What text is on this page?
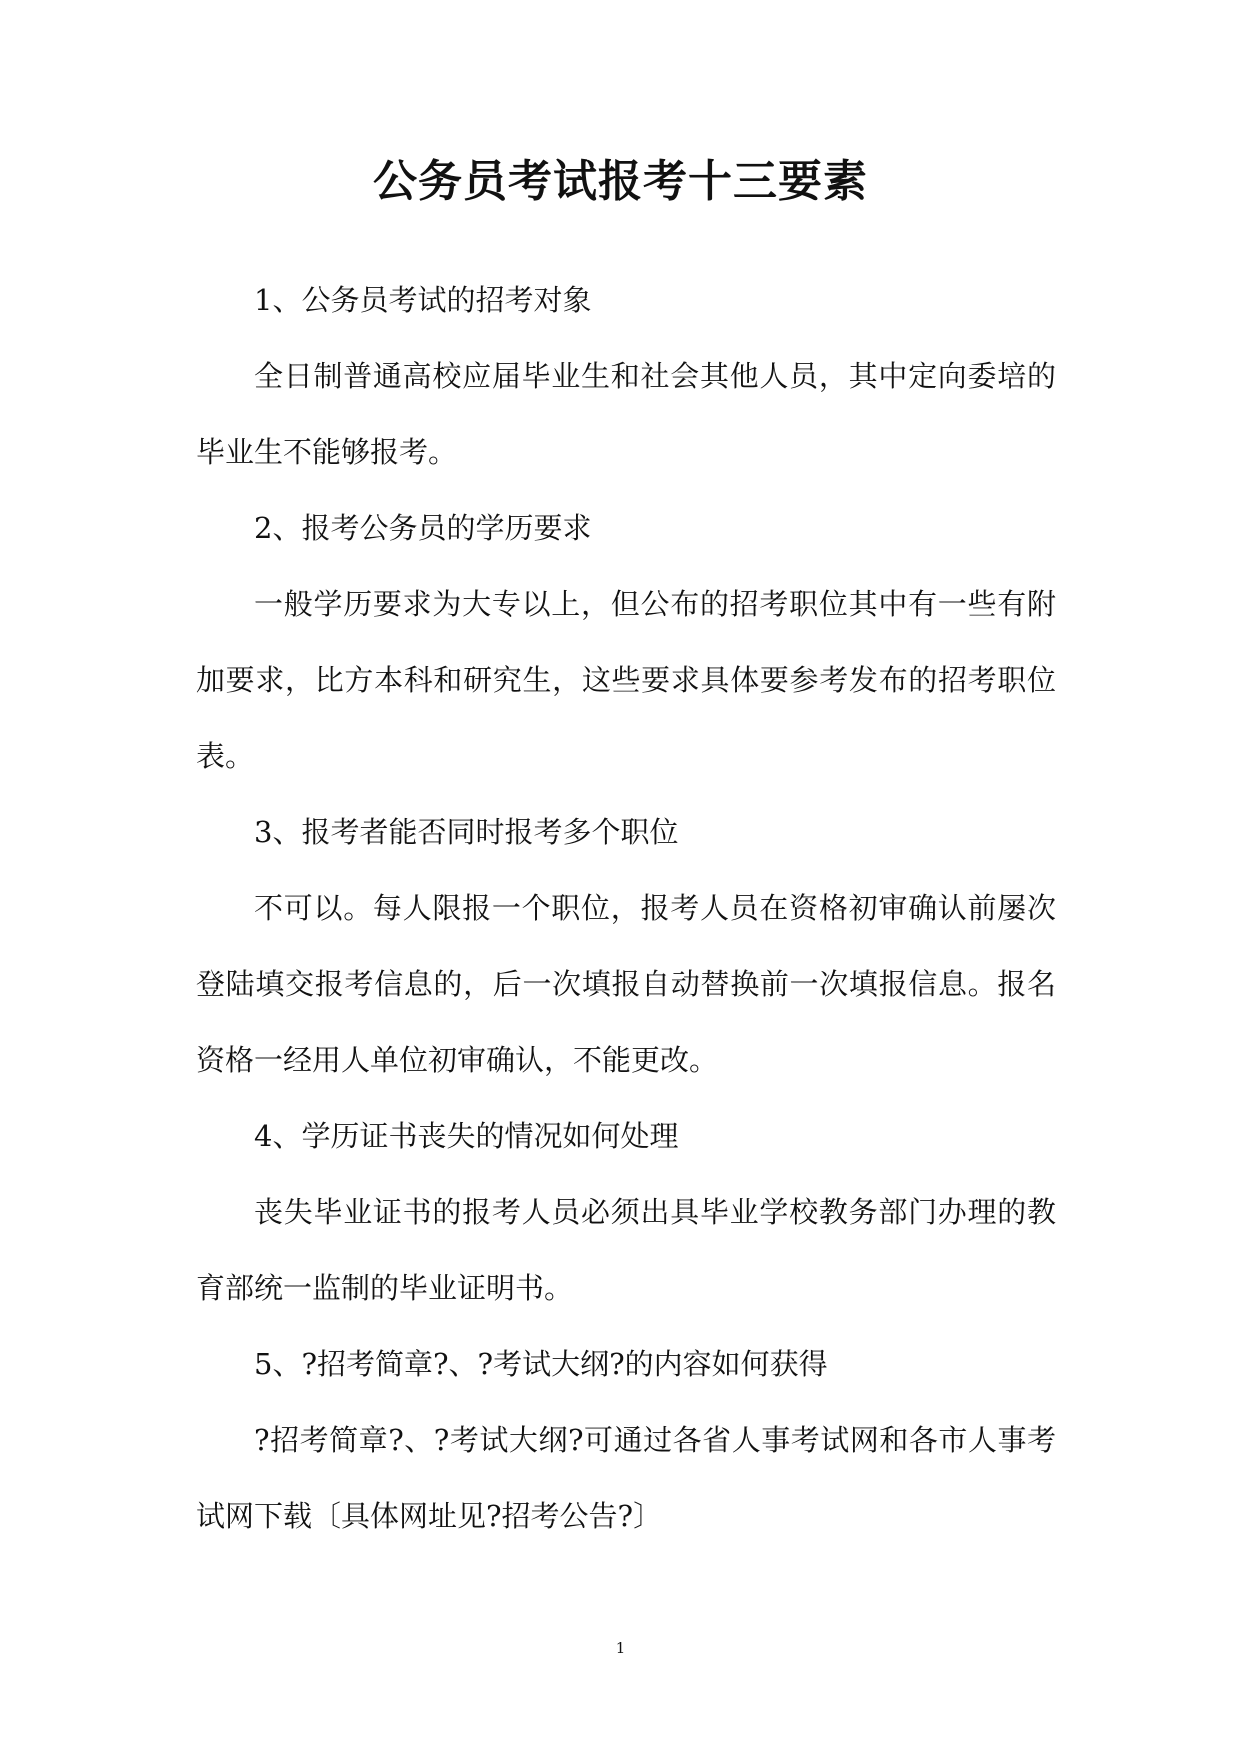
公务员考试报考十三要素

1、公务员考试的招考对象

全日制普通高校应届毕业生和社会其他人员，其中定向委培的毕业生不能够报考。

2、报考公务员的学历要求

一般学历要求为大专以上，但公布的招考职位其中有一些有附加要求，比方本科和研究生，这些要求具体要参考发布的招考职位表。

3、报考者能否同时报考多个职位

不可以。每人限报一个职位，报考人员在资格初审确认前屡次登陆填交报考信息的，后一次填报自动替换前一次填报信息。报名资格一经用人单位初审确认，不能更改。

4、学历证书丧失的情况如何处理

丧失毕业证书的报考人员必须出具毕业学校教务部门办理的教育部统一监制的毕业证明书。

5、?招考简章?、?考试大纲?的内容如何获得

?招考简章?、?考试大纲?可通过各省人事考试网和各市人事考试网下载〔具体网址见?招考公告?〕

1
